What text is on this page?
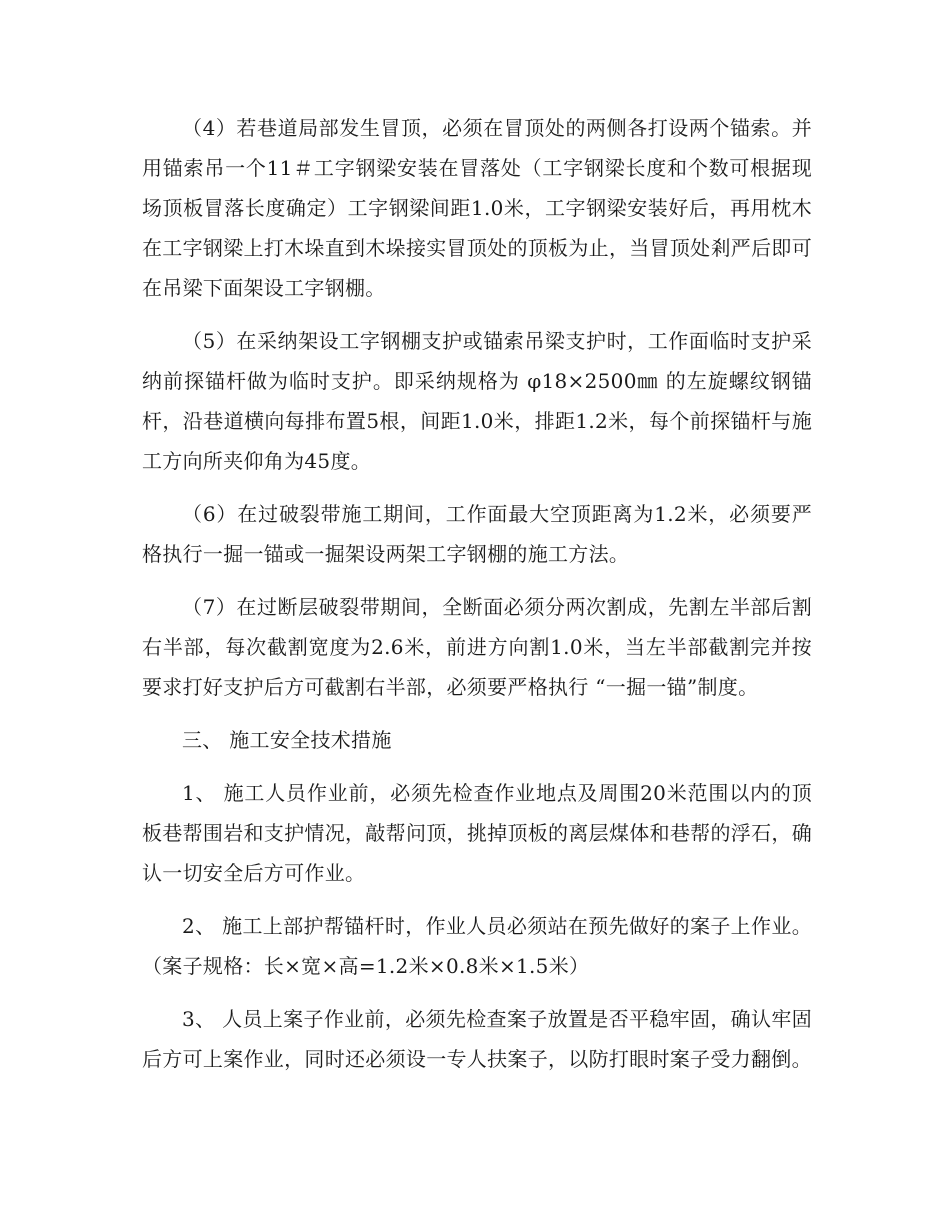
（4）若巷道局部发生冒顶，必须在冒顶处的两侧各打设两个锚索。并用锚索吊一个11＃工字钢梁安装在冒落处（工字钢梁长度和个数可根据现场顶板冒落长度确定）工字钢梁间距1.0米，工字钢梁安装好后，再用枕木在工字钢梁上打木垛直到木垛接实冒顶处的顶板为止，当冒顶处剎严后即可在吊梁下面架设工字钢棚。

（5）在采纳架设工字钢棚支护或锚索吊梁支护时，工作面临时支护采纳前探锚杆做为临时支护。即采纳规格为 φ18×2500㎜ 的左旋螺纹钢锚杆，沿巷道横向每排布置5根，间距1.0米，排距1.2米，每个前探锚杆与施工方向所夹仰角为45度。

（6）在过破裂带施工期间，工作面最大空顶距离为1.2米，必须要严格执行一掘一锚或一掘架设两架工字钢棚的施工方法。

（7）在过断层破裂带期间，全断面必须分两次割成，先割左半部后割右半部，每次截割宽度为2.6米，前进方向割1.0米，当左半部截割完并按要求打好支护后方可截割右半部，必须要严格执行 “一掘一锚”制度。

三、 施工安全技术措施

1、 施工人员作业前，必须先检查作业地点及周围20米范围以内的顶板巷帮围岩和支护情况，敲帮问顶，挑掉顶板的离层煤体和巷帮的浮石，确认一切安全后方可作业。

2、 施工上部护帮锚杆时，作业人员必须站在预先做好的案子上作业。（案子规格：长×宽×高=1.2米×0.8米×1.5米）

3、 人员上案子作业前，必须先检查案子放置是否平稳牢固，确认牢固后方可上案作业，同时还必须设一专人扶案子，以防打眼时案子受力翻倒。
